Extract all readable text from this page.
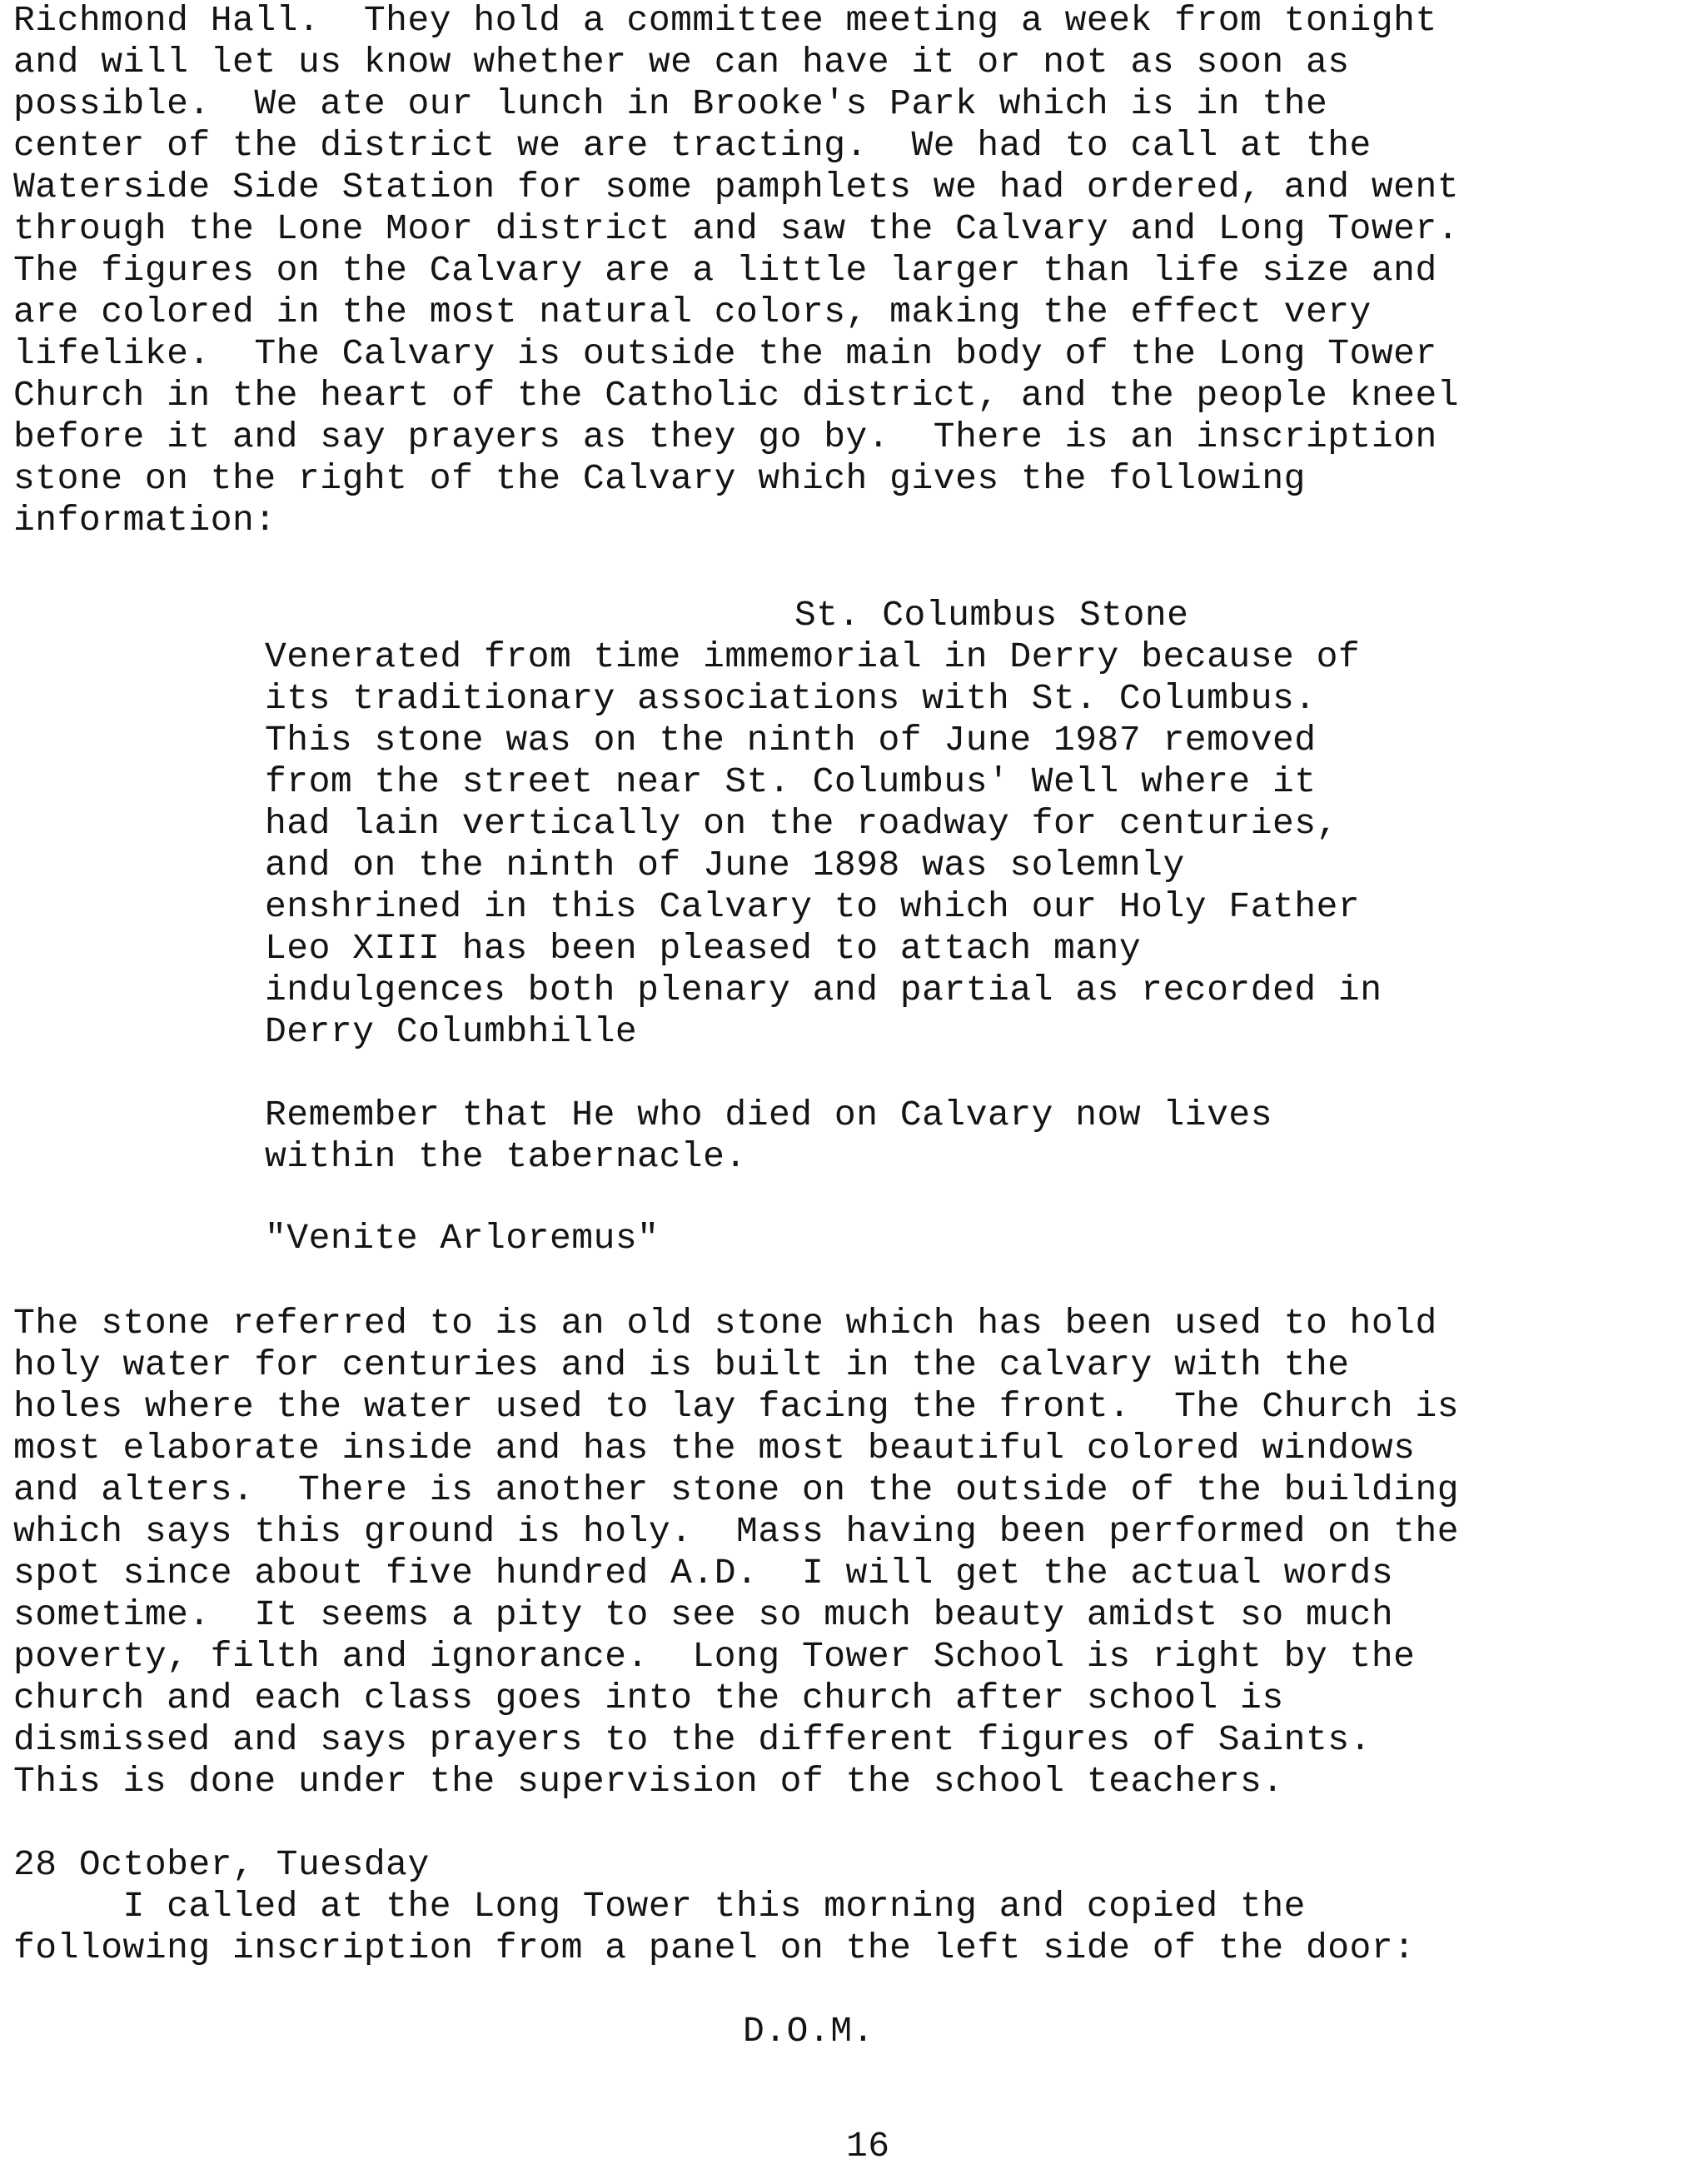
Richmond Hall.  They hold a committee meeting a week from tonight
and will let us know whether we can have it or not as soon as
possible.  We ate our lunch in Brooke's Park which is in the
center of the district we are tracting.  We had to call at the
Waterside Side Station for some pamphlets we had ordered, and went
through the Lone Moor district and saw the Calvary and Long Tower.
The figures on the Calvary are a little larger than life size and
are colored in the most natural colors, making the effect very
lifelike.  The Calvary is outside the main body of the Long Tower
Church in the heart of the Catholic district, and the people kneel
before it and say prayers as they go by.  There is an inscription
stone on the right of the Calvary which gives the following
information:
St. Columbus Stone
Venerated from time immemorial in Derry because of
its traditionary associations with St. Columbus.
This stone was on the ninth of June 1987 removed
from the street near St. Columbus' Well where it
had lain vertically on the roadway for centuries,
and on the ninth of June 1898 was solemnly
enshrined in this Calvary to which our Holy Father
Leo XIII has been pleased to attach many
indulgences both plenary and partial as recorded in
Derry Columbhille
Remember that He who died on Calvary now lives
within the tabernacle.
"Venite Arloremus"
The stone referred to is an old stone which has been used to hold
holy water for centuries and is built in the calvary with the
holes where the water used to lay facing the front.  The Church is
most elaborate inside and has the most beautiful colored windows
and alters.  There is another stone on the outside of the building
which says this ground is holy.  Mass having been performed on the
spot since about five hundred A.D.  I will get the actual words
sometime.  It seems a pity to see so much beauty amidst so much
poverty, filth and ignorance.  Long Tower School is right by the
church and each class goes into the church after school is
dismissed and says prayers to the different figures of Saints.
This is done under the supervision of the school teachers.
28 October, Tuesday
I called at the Long Tower this morning and copied the
following inscription from a panel on the left side of the door:
D.O.M.
16
